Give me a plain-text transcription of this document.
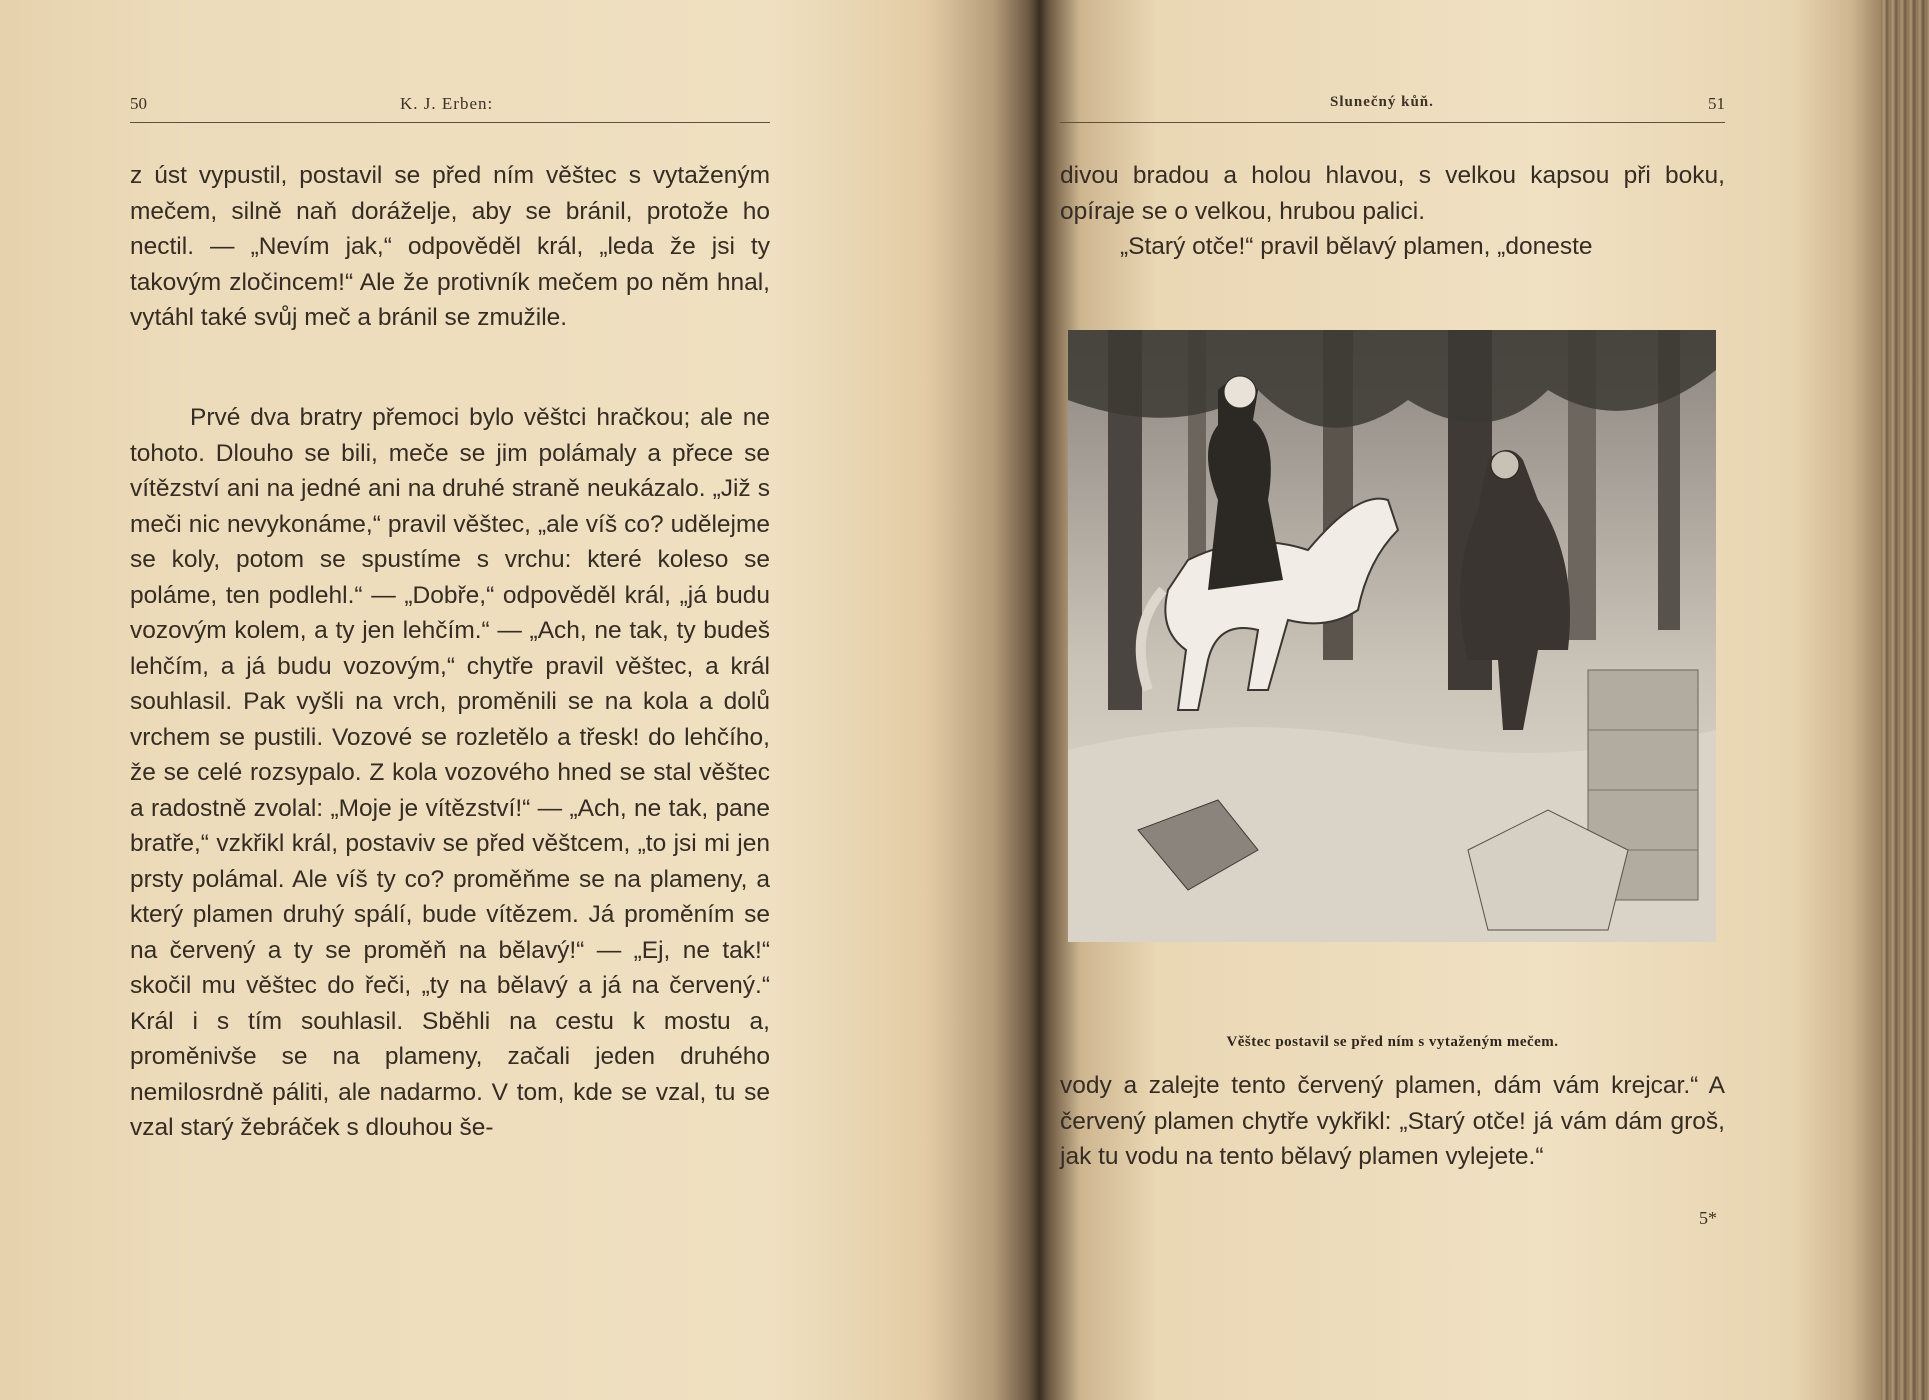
50	K. J. Erben:

z úst vypustil, postavil se před ním věštec s vytaženým mečem, silně naň doráželje, aby se bránil, protože ho nectil. — „Nevím jak,“ odpověděl král, „leda že jsi ty takovým zločincem!“ Ale že protivník mečem po něm hnal, vytáhl také svůj meč a bránil se zmužile.

Prvé dva bratry přemoci bylo věštci hračkou; ale ne tohoto. Dlouho se bili, meče se jim polámaly a přece se vítězství ani na jedné ani na druhé straně neukázalo. „Již s meči nic nevykonáme,“ pravil věštec, „ale víš co? udělejme se koly, potom se spustíme s vrchu: které koleso se poláme, ten podlehl.“ — „Dobře,“ odpověděl král, „já budu vozovým kolem, a ty jen lehčím.“ — „Ach, ne tak, ty budeš lehčím, a já budu vozovým,“ chytře pravil věštec, a král souhlasil. Pak vyšli na vrch, proměnili se na kola a dolů vrchem se pustili. Vozové se rozletělo a třesk! do lehčího, že se celé rozsypalo. Z kola vozového hned se stal věštec a radostně zvolal: „Moje je vítězství!“ — „Ach, ne tak, pane bratře,“ vzkřikl král, postaviv se před věštcem, „to jsi mi jen prsty polámal. Ale víš ty co? proměňme se na plameny, a který plamen druhý spálí, bude vítězem. Já proměním se na červený a ty se proměň na bělavý!“ — „Ej, ne tak!“ skočil mu věštec do řeči, „ty na bělavý a já na červený.“ Král i s tím souhlasil. Sběhli na cestu k mostu a, proměnivše se na plameny, začali jeden druhého nemilosrdně páliti, ale nadarmo. V tom, kde se vzal, tu se vzal starý žebráček s dlouhou še-

Slunečný kůň.	51

divou bradou a holou hlavou, s velkou kapsou při boku, opíraje se o velkou, hrubou palici.

„Starý otče!“ pravil bělavý plamen, „doneste

Věštec postavil se před ním s vytaženým mečem.

vody a zalejte tento červený plamen, dám vám krejcar.“ A červený plamen chytře vykřikl: „Starý otče! já vám dám groš, jak tu vodu na tento bělavý plamen vylejete.“

5*
